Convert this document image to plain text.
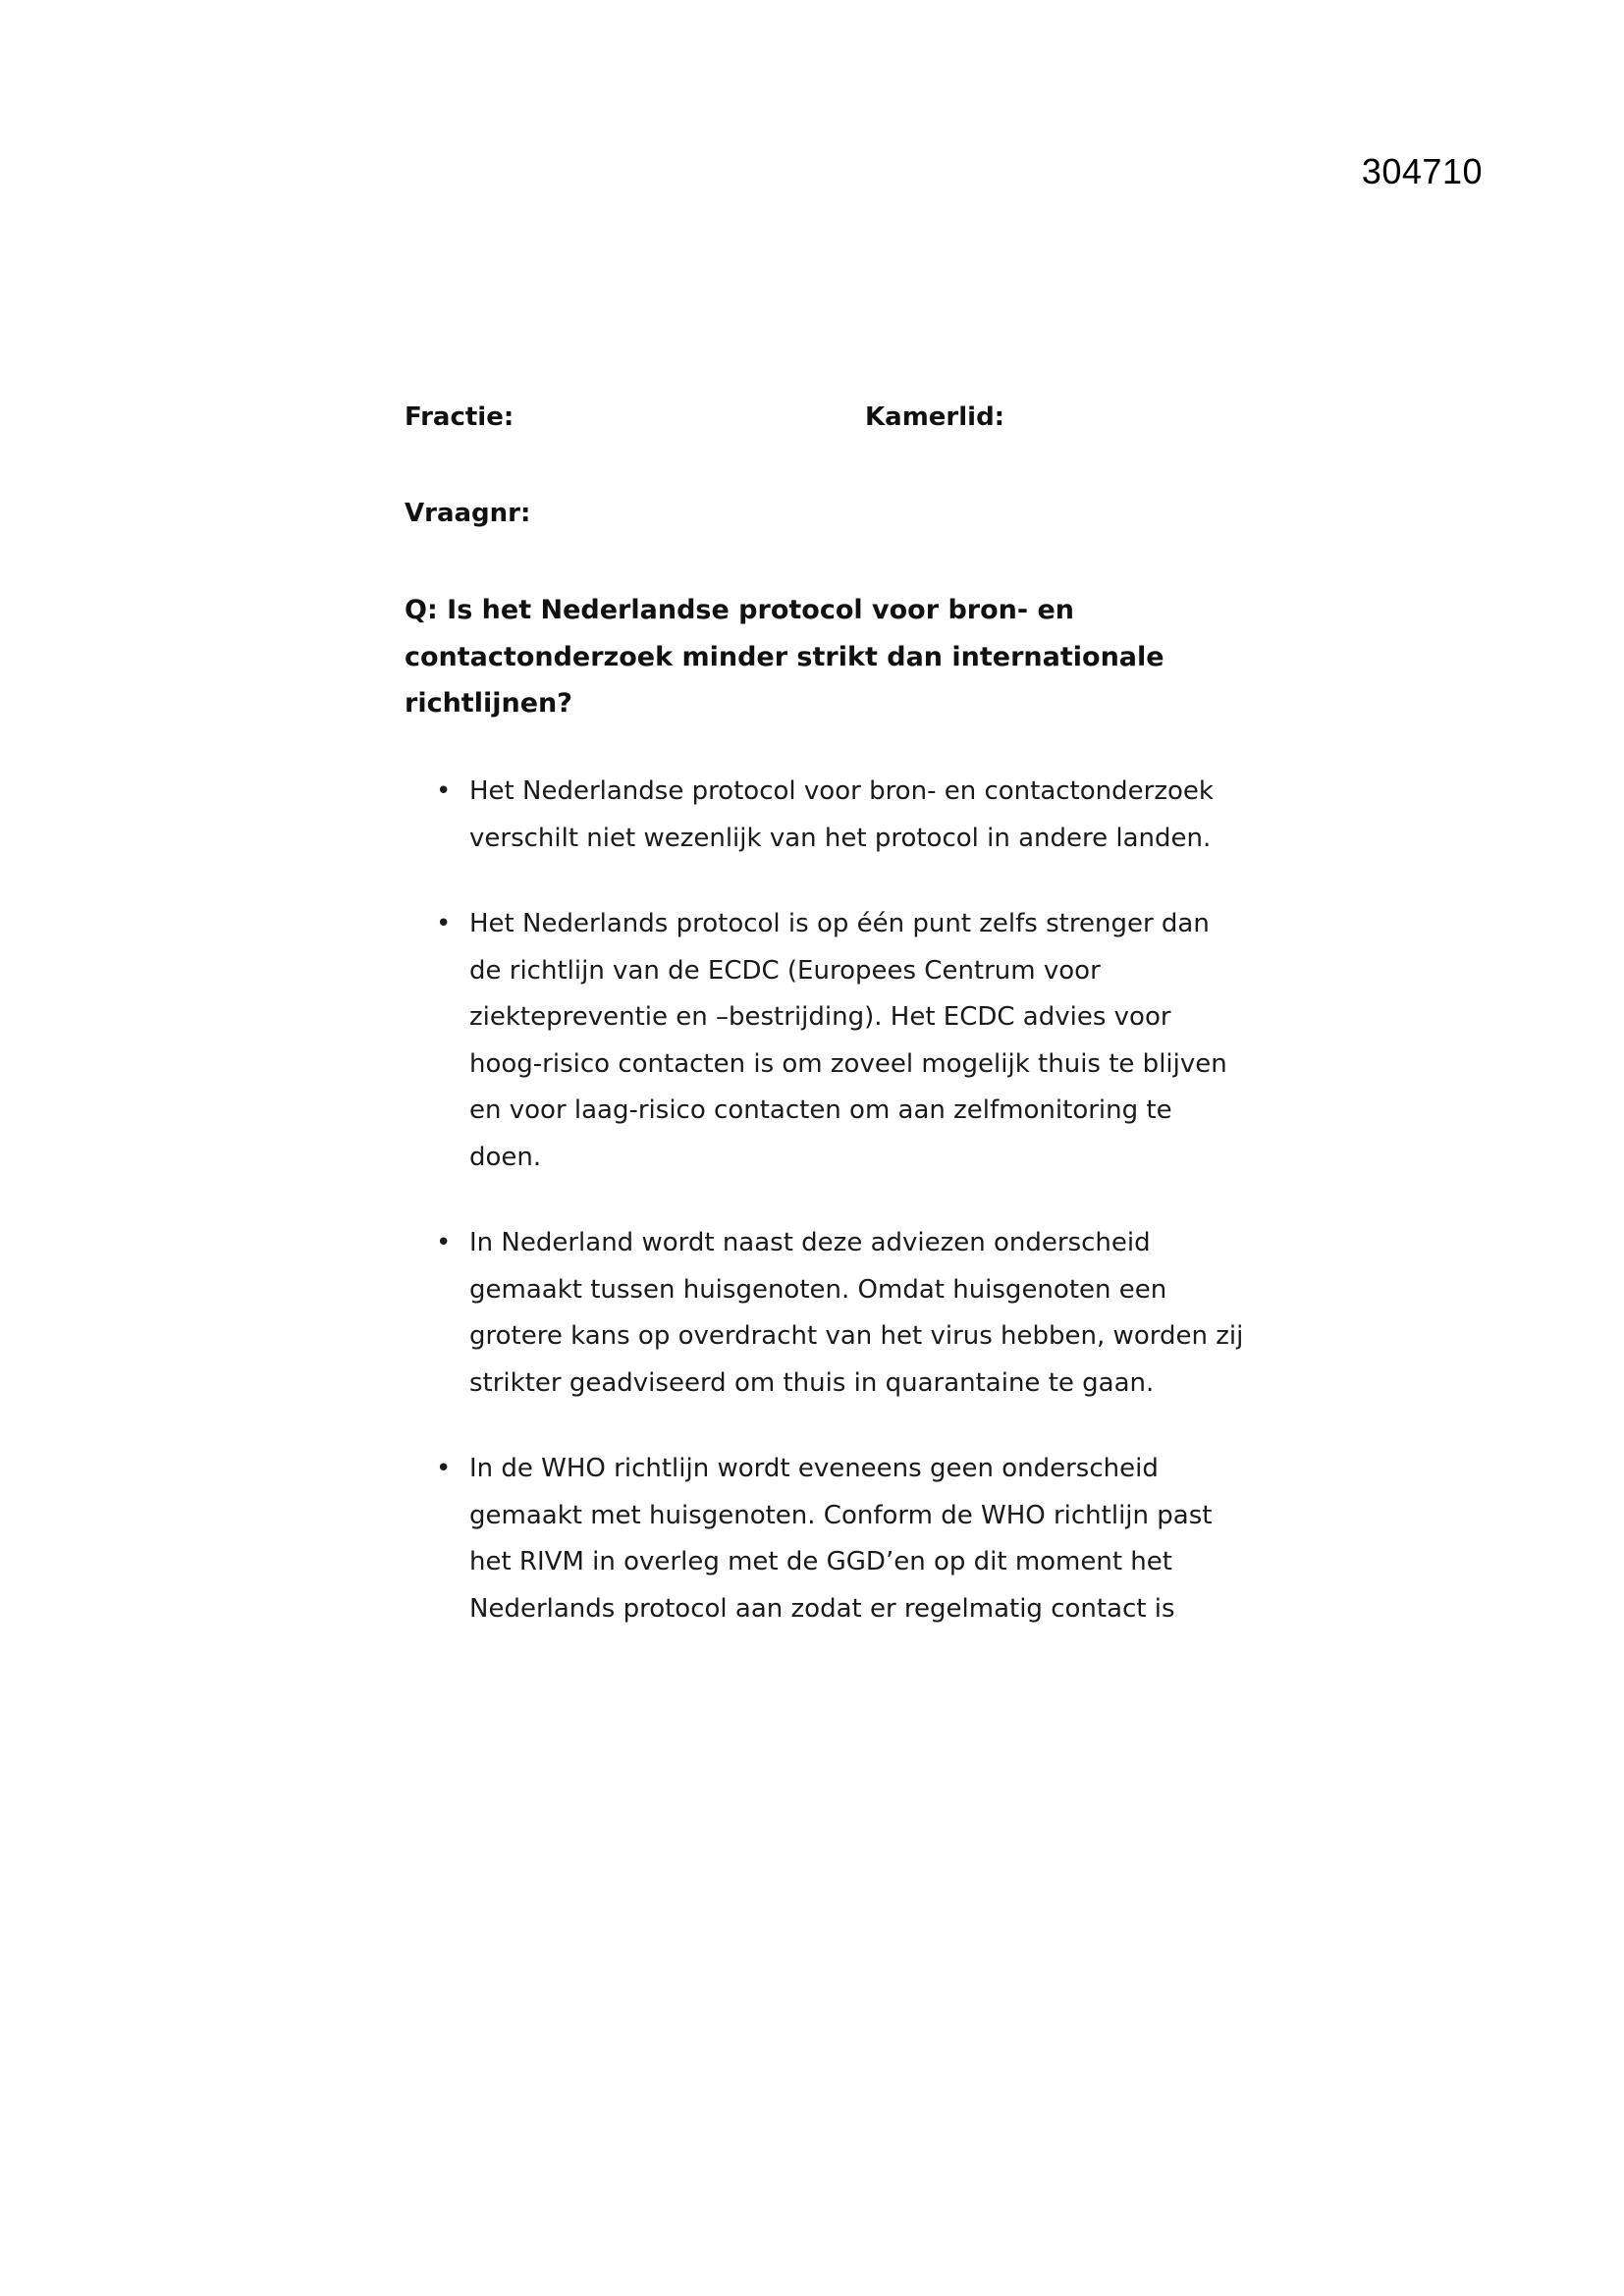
304710
Fractie:	Kamerlid:
Vraagnr:

Q: Is het Nederlandse protocol voor bron- en contactonderzoek minder strikt dan internationale richtlijnen?

• Het Nederlandse protocol voor bron- en contactonderzoek verschilt niet wezenlijk van het protocol in andere landen.
• Het Nederlands protocol is op één punt zelfs strenger dan de richtlijn van de ECDC (Europees Centrum voor ziektepreventie en –bestrijding). Het ECDC advies voor hoog-risico contacten is om zoveel mogelijk thuis te blijven en voor laag-risico contacten om aan zelfmonitoring te doen.
• In Nederland wordt naast deze adviezen onderscheid gemaakt tussen huisgenoten. Omdat huisgenoten een grotere kans op overdracht van het virus hebben, worden zij strikter geadviseerd om thuis in quarantaine te gaan.
• In de WHO richtlijn wordt eveneens geen onderscheid gemaakt met huisgenoten. Conform de WHO richtlijn past het RIVM in overleg met de GGD’en op dit moment het Nederlands protocol aan zodat er regelmatig contact is
